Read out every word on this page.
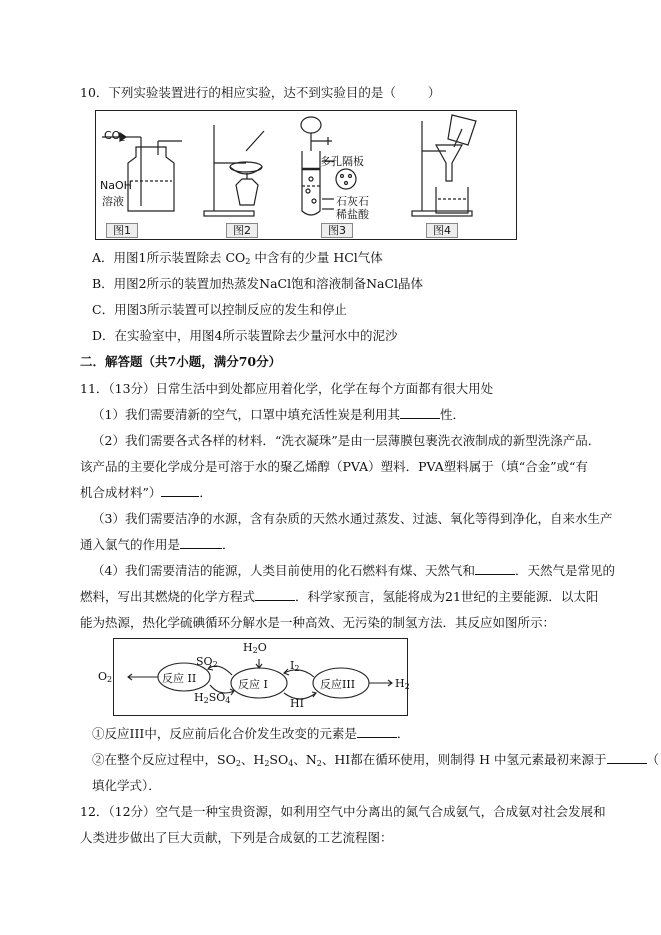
10．下列实验装置进行的相应实验，达不到实验目的是（	）
$CO_2$
NaOH
溶液
多孔隔板
石灰石
稀盐酸
图1	图2	图3	图4
A．用图1所示装置除去 $CO_2$ 中含有的少量 HCl气体
B．用图2所示的装置加热蒸发NaCl饱和溶液制备NaCl晶体
C．用图3所示装置可以控制反应的发生和停止
D．在实验室中，用图4所示装置除去少量河水中的泥沙
二．解答题（共7小题，满分70分）
11．（13分）日常生活中到处都应用着化学，化学在每个方面都有很大用处
（1）我们需要清新的空气，口罩中填充活性炭是利用其	性．
（2）我们需要各式各样的材料．“洗衣凝珠”是由一层薄膜包裹洗衣液制成的新型洗涤产品．
该产品的主要化学成分是可溶于水的聚乙烯醇（PVA）塑料．PVA塑料属于（填“合金”或“有
机合成材料”）	．
（3）我们需要洁净的水源，含有杂质的天然水通过蒸发、过滤、氧化等得到净化，自来水生产
通入氯气的作用是	．
（4）我们需要清洁的能源，人类目前使用的化石燃料有煤、天然气和	．天然气是常见的
燃料，写出其燃烧的化学方程式	．科学家预言，氢能将成为21世纪的主要能源．以太阳
能为热源，热化学硫碘循环分解水是一种高效、无污染的制氢方法．其反应如图所示：
$H_2O$
$O_2$	反应 II
$SO_2$
$H_2SO_4$
反应 I
$I_2$
HI
反应III	$H_2$
①反应III中，反应前后化合价发生改变的元素是	．
②在整个反应过程中，$SO_2$、$H_2SO_4$、$N_2$、HI都在循环使用，则制得 H 中氢元素最初来源于	（
填化学式）．
12．（12分）空气是一种宝贵资源，如利用空气中分离出的氮气合成氨气，合成氨对社会发展和
人类进步做出了巨大贡献，下列是合成氨的工艺流程图：
